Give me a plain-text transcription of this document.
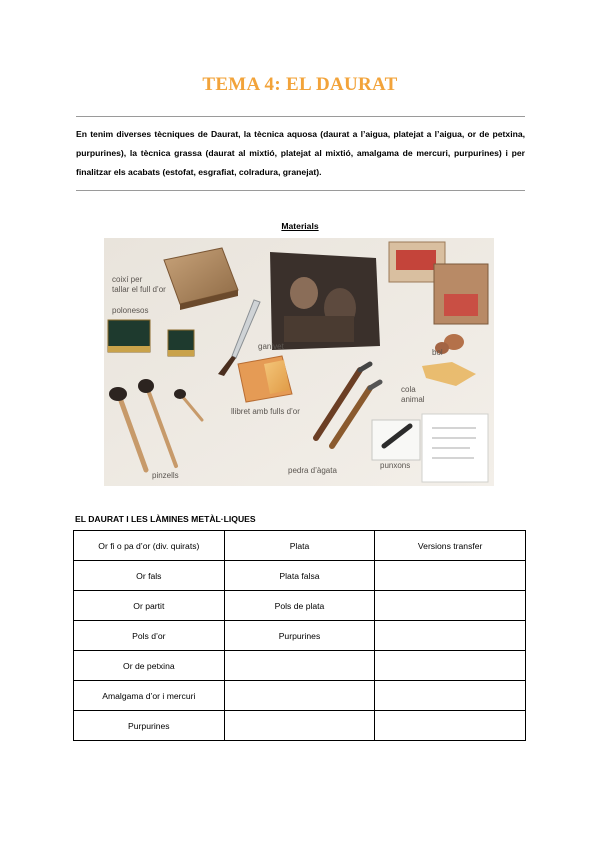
TEMA 4: EL DAURAT
En tenim diverses tècniques de Daurat, la tècnica aquosa (daurat a l’aigua, platejat a l’aigua, or de petxina, purpurines), la tècnica grassa (daurat al mixtió, platejat al mixtió, amalgama de mercuri, purpurines) i per finalitzar els acabats (estofat, esgrafiat, colradura, granejat).
Materials
coixí per
tallar el full d’or
polonesos
ganivet
bol
cola
animal
llibret amb fulls d’or
pinzells
pedra d’àgata
punxons
EL DAURAT I LES LÀMINES METÀL·LIQUES
Or fi o pa d’or (div. quirats)	Plata	Versions transfer
Or fals	Plata falsa	
Or partit	Pols de plata	
Pols d’or	Purpurines	
Or de petxina		
Amalgama d’or i mercuri		
Purpurines		
